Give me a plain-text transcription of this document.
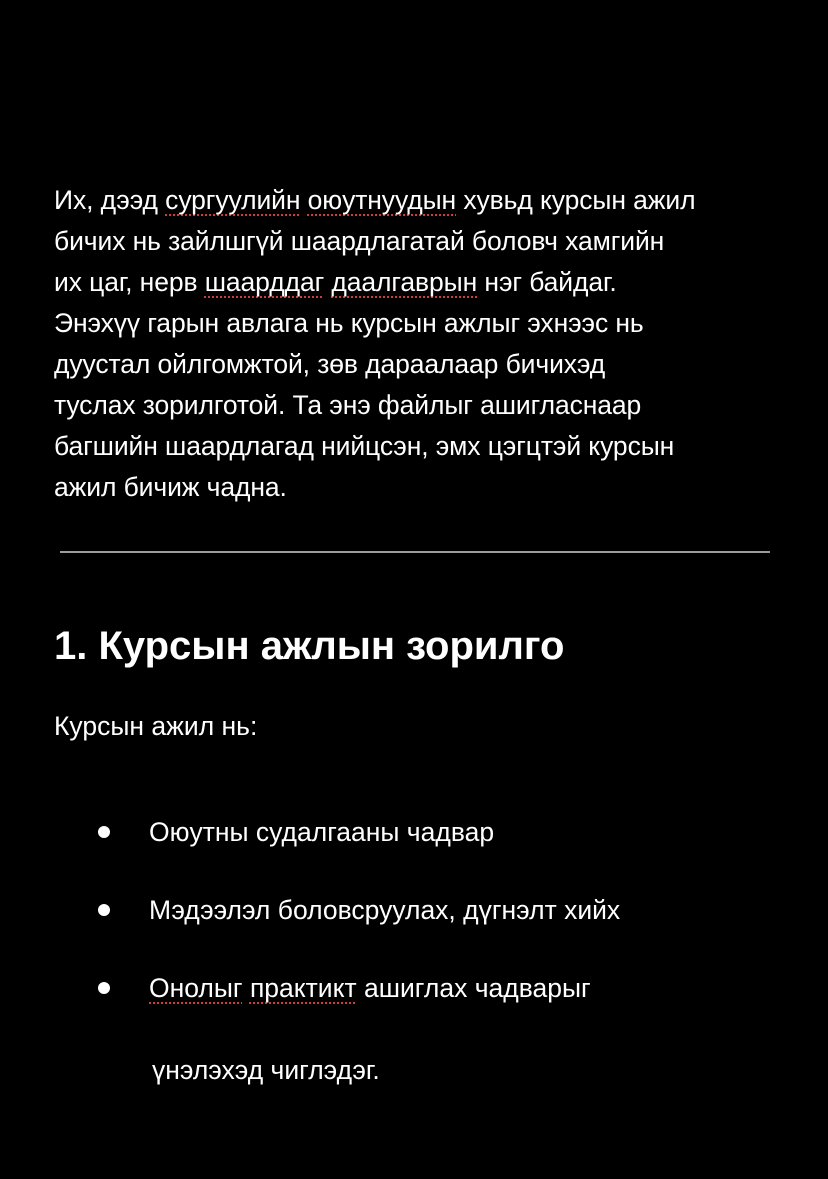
Их, дээд сургуулийн оюутнуудын хувьд курсын ажил
бичих нь зайлшгүй шаардлагатай боловч хамгийн
их цаг, нерв шаарддаг даалгаврын нэг байдаг.
Энэхүү гарын авлага нь курсын ажлыг эхнээс нь
дуустал ойлгомжтой, зөв дараалаар бичихэд
туслах зорилготой. Та энэ файлыг ашигласнаар
багшийн шаардлагад нийцсэн, эмх цэгцтэй курсын
ажил бичиж чадна.
1. Курсын ажлын зорилго
Курсын ажил нь:
Оюутны судалгааны чадвар
Мэдээлэл боловсруулах, дүгнэлт хийх
Онолыг практикт ашиглах чадварыг
үнэлэхэд чиглэдэг.
